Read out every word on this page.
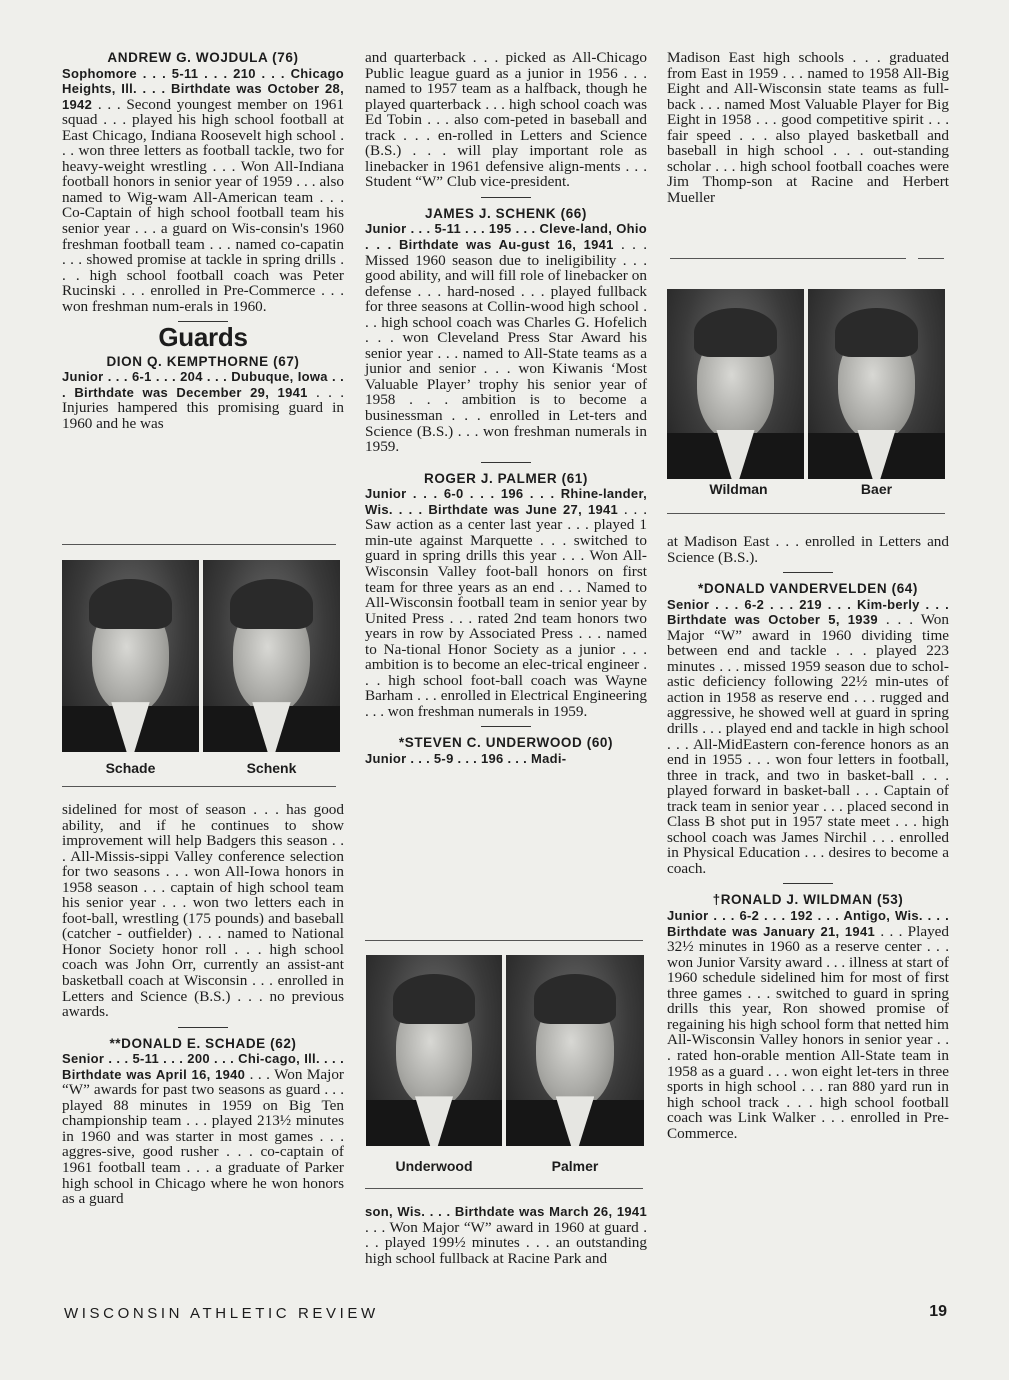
ANDREW G. WOJDULA (76)

Sophomore . . . 5-11 . . . 210 . . . Chicago Heights, Ill. . . . Birthdate was October 28, 1942 . . . Second youngest member on 1961 squad . . . played his high school football at East Chicago, Indiana Roosevelt high school . . . won three letters as football tackle, two for heavy-weight wrestling . . . Won All-Indiana football honors in senior year of 1959 . . . also named to Wig-wam All-American team . . . Co-Captain of high school football team his senior year . . . a guard on Wis-consin's 1960 freshman football team . . . named co-capatin . . . showed promise at tackle in spring drills . . . high school football coach was Peter Rucinski . . . enrolled in Pre-Commerce . . . won freshman num-erals in 1960.

Guards

DION Q. KEMPTHORNE (67)

Junior . . . 6-1 . . . 204 . . . Dubuque, Iowa . . . Birthdate was December 29, 1941 . . . Injuries hampered this promising guard in 1960 and he was

Schade	Schenk

sidelined for most of season . . . has good ability, and if he continues to show improvement will help Badgers this season . . . All-Missis-sippi Valley conference selection for two seasons . . . won All-Iowa honors in 1958 season . . . captain of high school team his senior year . . . won two letters each in foot-ball, wrestling (175 pounds) and baseball (catcher - outfielder) . . . named to National Honor Society honor roll . . . high school coach was John Orr, currently an assist-ant basketball coach at Wisconsin . . . enrolled in Letters and Science (B.S.) . . . no previous awards.

**DONALD E. SCHADE (62)

Senior . . . 5-11 . . . 200 . . . Chi-cago, Ill. . . . Birthdate was April 16, 1940 . . . Won Major “W” awards for past two seasons as guard . . . played 88 minutes in 1959 on Big Ten championship team . . . played 213½ minutes in 1960 and was starter in most games . . . aggres-sive, good rusher . . . co-captain of 1961 football team . . . a graduate of Parker high school in Chicago where he won honors as a guard

and quarterback . . . picked as All-Chicago Public league guard as a junior in 1956 . . . named to 1957 team as a halfback, though he played quarterback . . . high school coach was Ed Tobin . . . also com-peted in baseball and track . . . en-rolled in Letters and Science (B.S.) . . . will play important role as linebacker in 1961 defensive align-ments . . . Student “W” Club vice-president.

JAMES J. SCHENK (66)

Junior . . . 5-11 . . . 195 . . . Cleve-land, Ohio . . . Birthdate was Au-gust 16, 1941 . . . Missed 1960 season due to ineligibility . . . good ability, and will fill role of linebacker on defense . . . hard-nosed . . . played fullback for three seasons at Collin-wood high school . . . high school coach was Charles G. Hofelich . . . won Cleveland Press Star Award his senior year . . . named to All-State teams as a junior and senior . . . won Kiwanis ‘Most Valuable Player’ trophy his senior year of 1958 . . . ambition is to become a businessman . . . enrolled in Let-ters and Science (B.S.) . . . won freshman numerals in 1959.

ROGER J. PALMER (61)

Junior . . . 6-0 . . . 196 . . . Rhine-lander, Wis. . . . Birthdate was June 27, 1941 . . . Saw action as a center last year . . . played 1 min-ute against Marquette . . . switched to guard in spring drills this year . . . Won All-Wisconsin Valley foot-ball honors on first team for three years as an end . . . Named to All-Wisconsin football team in senior year by United Press . . . rated 2nd team honors two years in row by Associated Press . . . named to Na-tional Honor Society as a junior . . . ambition is to become an elec-trical engineer . . . high school foot-ball coach was Wayne Barham . . . enrolled in Electrical Engineering . . . won freshman numerals in 1959.

*STEVEN C. UNDERWOOD (60)

Junior . . . 5-9 . . . 196 . . . Madi-

Underwood	Palmer

son, Wis. . . . Birthdate was March 26, 1941 . . . Won Major “W” award in 1960 at guard . . . played 199½ minutes . . . an outstanding high school fullback at Racine Park and

Madison East high schools . . . graduated from East in 1959 . . . named to 1958 All-Big Eight and All-Wisconsin state teams as full-back . . . named Most Valuable Player for Big Eight in 1958 . . . good competitive spirit . . . fair speed . . . also played basketball and baseball in high school . . . out-standing scholar . . . high school football coaches were Jim Thomp-son at Racine and Herbert Mueller

Wildman	Baer

at Madison East . . . enrolled in Letters and Science (B.S.).

*DONALD VANDERVELDEN (64)

Senior . . . 6-2 . . . 219 . . . Kim-berly . . . Birthdate was October 5, 1939 . . . Won Major “W” award in 1960 dividing time between end and tackle . . . played 223 minutes . . . missed 1959 season due to schol-astic deficiency following 22½ min-utes of action in 1958 as reserve end . . . rugged and aggressive, he showed well at guard in spring drills . . . played end and tackle in high school . . . All-MidEastern con-ference honors as an end in 1955 . . . won four letters in football, three in track, and two in basket-ball . . . played forward in basket-ball . . . Captain of track team in senior year . . . placed second in Class B shot put in 1957 state meet . . . high school coach was James Nirchil . . . enrolled in Physical Education . . . desires to become a coach.

†RONALD J. WILDMAN (53)

Junior . . . 6-2 . . . 192 . . . Antigo, Wis. . . . Birthdate was January 21, 1941 . . . Played 32½ minutes in 1960 as a reserve center . . . won Junior Varsity award . . . illness at start of 1960 schedule sidelined him for most of first three games . . . switched to guard in spring drills this year, Ron showed promise of regaining his high school form that netted him All-Wisconsin Valley honors in senior year . . . rated hon-orable mention All-State team in 1958 as a guard . . . won eight let-ters in three sports in high school . . . ran 880 yard run in high school track . . . high school football coach was Link Walker . . . enrolled in Pre-Commerce.

WISCONSIN ATHLETIC REVIEW	19
